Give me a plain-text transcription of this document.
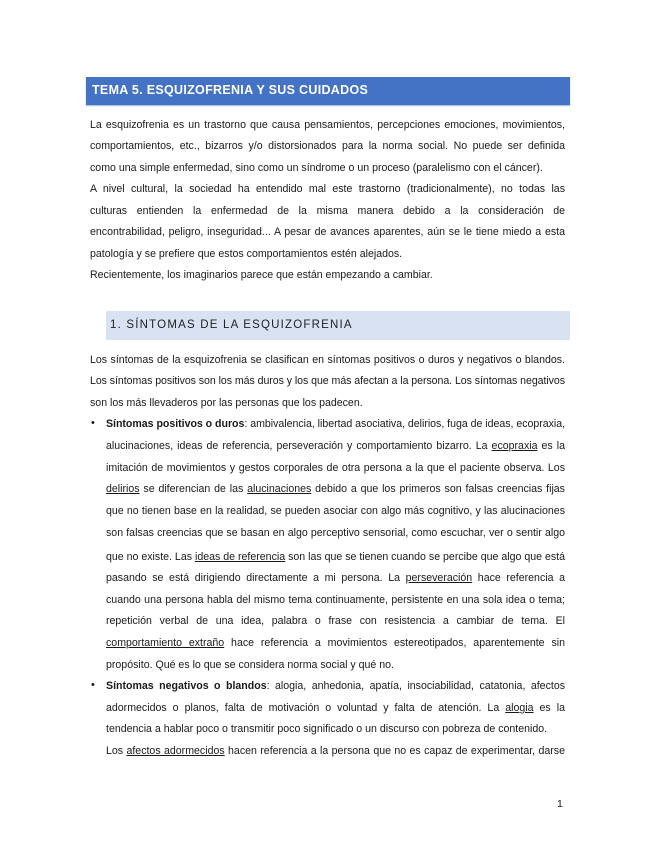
TEMA 5. ESQUIZOFRENIA Y SUS CUIDADOS
1. SÍNTOMAS DE LA ESQUIZOFRENIA
La esquizofrenia es un trastorno que causa pensamientos, percepciones emociones, movimientos,
comportamientos, etc., bizarros y/o distorsionados para la norma social. No puede ser definida
como una simple enfermedad, sino como un síndrome o un proceso (paralelismo con el cáncer).
A nivel cultural, la sociedad ha entendido mal este trastorno (tradicionalmente), no todas las
culturas entienden la enfermedad de la misma manera debido a la consideración de
encontrabilidad, peligro, inseguridad... A pesar de avances aparentes, aún se le tiene miedo a esta
patología y se prefiere que estos comportamientos estén alejados.
Recientemente, los imaginarios parece que están empezando a cambiar.
Los síntomas de la esquizofrenia se clasifican en síntomas positivos o duros y negativos o blandos.
Los síntomas positivos son los más duros y los que más afectan a la persona. Los síntomas negativos
son los más llevaderos por las personas que los padecen.
• Síntomas positivos o duros: ambivalencia, libertad asociativa, delirios, fuga de ideas, ecopraxia,
alucinaciones, ideas de referencia, perseveración y comportamiento bizarro. La ecopraxia es la
imitación de movimientos y gestos corporales de otra persona a la que el paciente observa. Los
delirios se diferencian de las alucinaciones debido a que los primeros son falsas creencias fijas
que no tienen base en la realidad, se pueden asociar con algo más cognitivo, y las alucinaciones
son falsas creencias que se basan en algo perceptivo sensorial, como escuchar, ver o sentir algo
que no existe. Las ideas de referencia son las que se tienen cuando se percibe que algo que está
pasando se está dirigiendo directamente a mi persona. La perseveración hace referencia a
cuando una persona habla del mismo tema continuamente, persistente en una sola idea o tema;
repetición verbal de una idea, palabra o frase con resistencia a cambiar de tema. El
comportamiento extraño hace referencia a movimientos estereotipados, aparentemente sin
propósito. Qué es lo que se considera norma social y qué no.
• Síntomas negativos o blandos: alogia, anhedonia, apatía, insociabilidad, catatonia, afectos
adormecidos o planos, falta de motivación o voluntad y falta de atención. La alogia es la
tendencia a hablar poco o transmitir poco significado o un discurso con pobreza de contenido.
Los afectos adormecidos hacen referencia a la persona que no es capaz de experimentar, darse
1
